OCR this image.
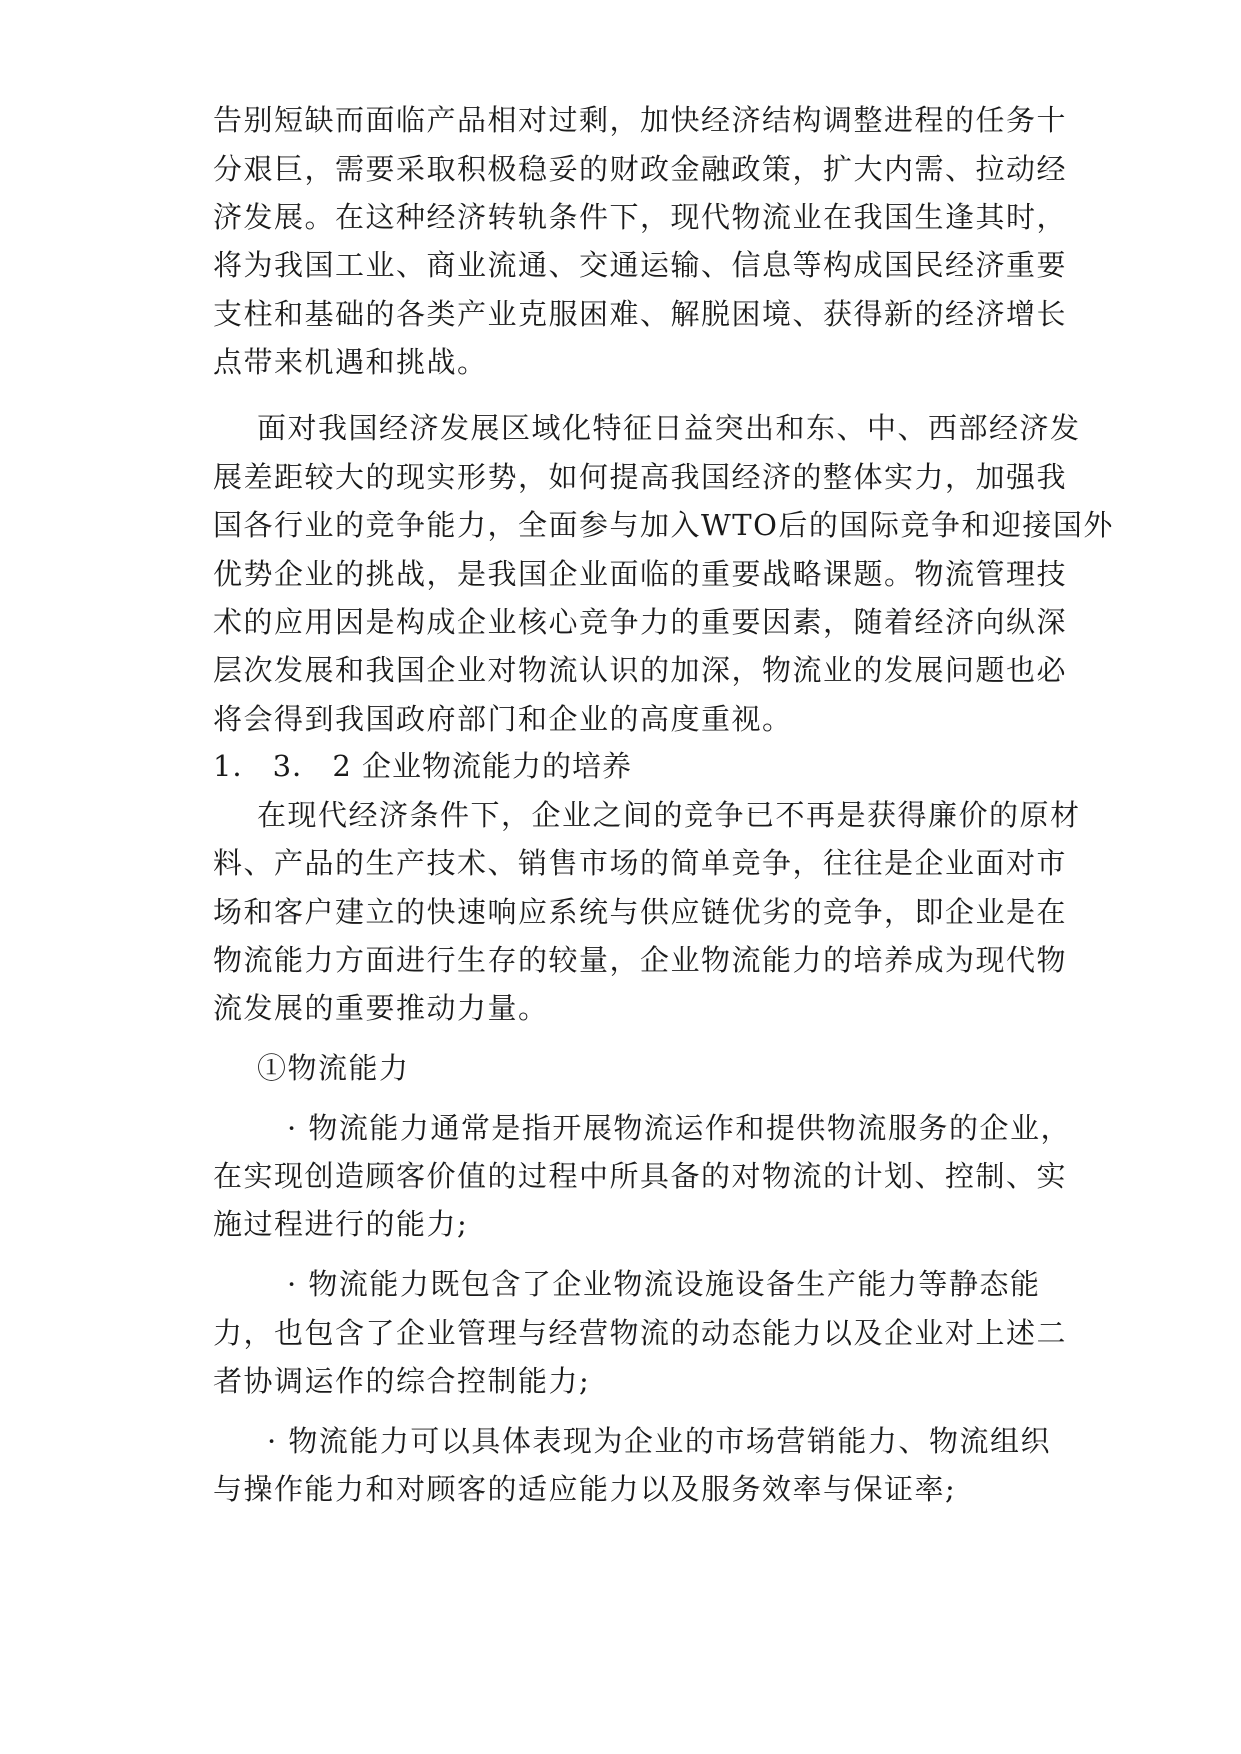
告别短缺而面临产品相对过剩，加快经济结构调整进程的任务十
分艰巨，需要采取积极稳妥的财政金融政策，扩大内需、拉动经
济发展。在这种经济转轨条件下，现代物流业在我国生逢其时，
将为我国工业、商业流通、交通运输、信息等构成国民经济重要
支柱和基础的各类产业克服困难、解脱困境、获得新的经济增长
点带来机遇和挑战。
面对我国经济发展区域化特征日益突出和东、中、西部经济发
展差距较大的现实形势，如何提高我国经济的整体实力，加强我
国各行业的竞争能力，全面参与加入WTO后的国际竞争和迎接国外
优势企业的挑战，是我国企业面临的重要战略课题。物流管理技
术的应用因是构成企业核心竞争力的重要因素，随着经济向纵深
层次发展和我国企业对物流认识的加深，物流业的发展问题也必
将会得到我国政府部门和企业的高度重视。
1． 3． 2 企业物流能力的培养
在现代经济条件下，企业之间的竞争已不再是获得廉价的原材
料、产品的生产技术、销售市场的简单竞争，往往是企业面对市
场和客户建立的快速响应系统与供应链优劣的竞争，即企业是在
物流能力方面进行生存的较量，企业物流能力的培养成为现代物
流发展的重要推动力量。
①物流能力
· 物流能力通常是指开展物流运作和提供物流服务的企业，
在实现创造顾客价值的过程中所具备的对物流的计划、控制、实
施过程进行的能力;
· 物流能力既包含了企业物流设施设备生产能力等静态能
力，也包含了企业管理与经营物流的动态能力以及企业对上述二
者协调运作的综合控制能力;
· 物流能力可以具体表现为企业的市场营销能力、物流组织
与操作能力和对顾客的适应能力以及服务效率与保证率;
